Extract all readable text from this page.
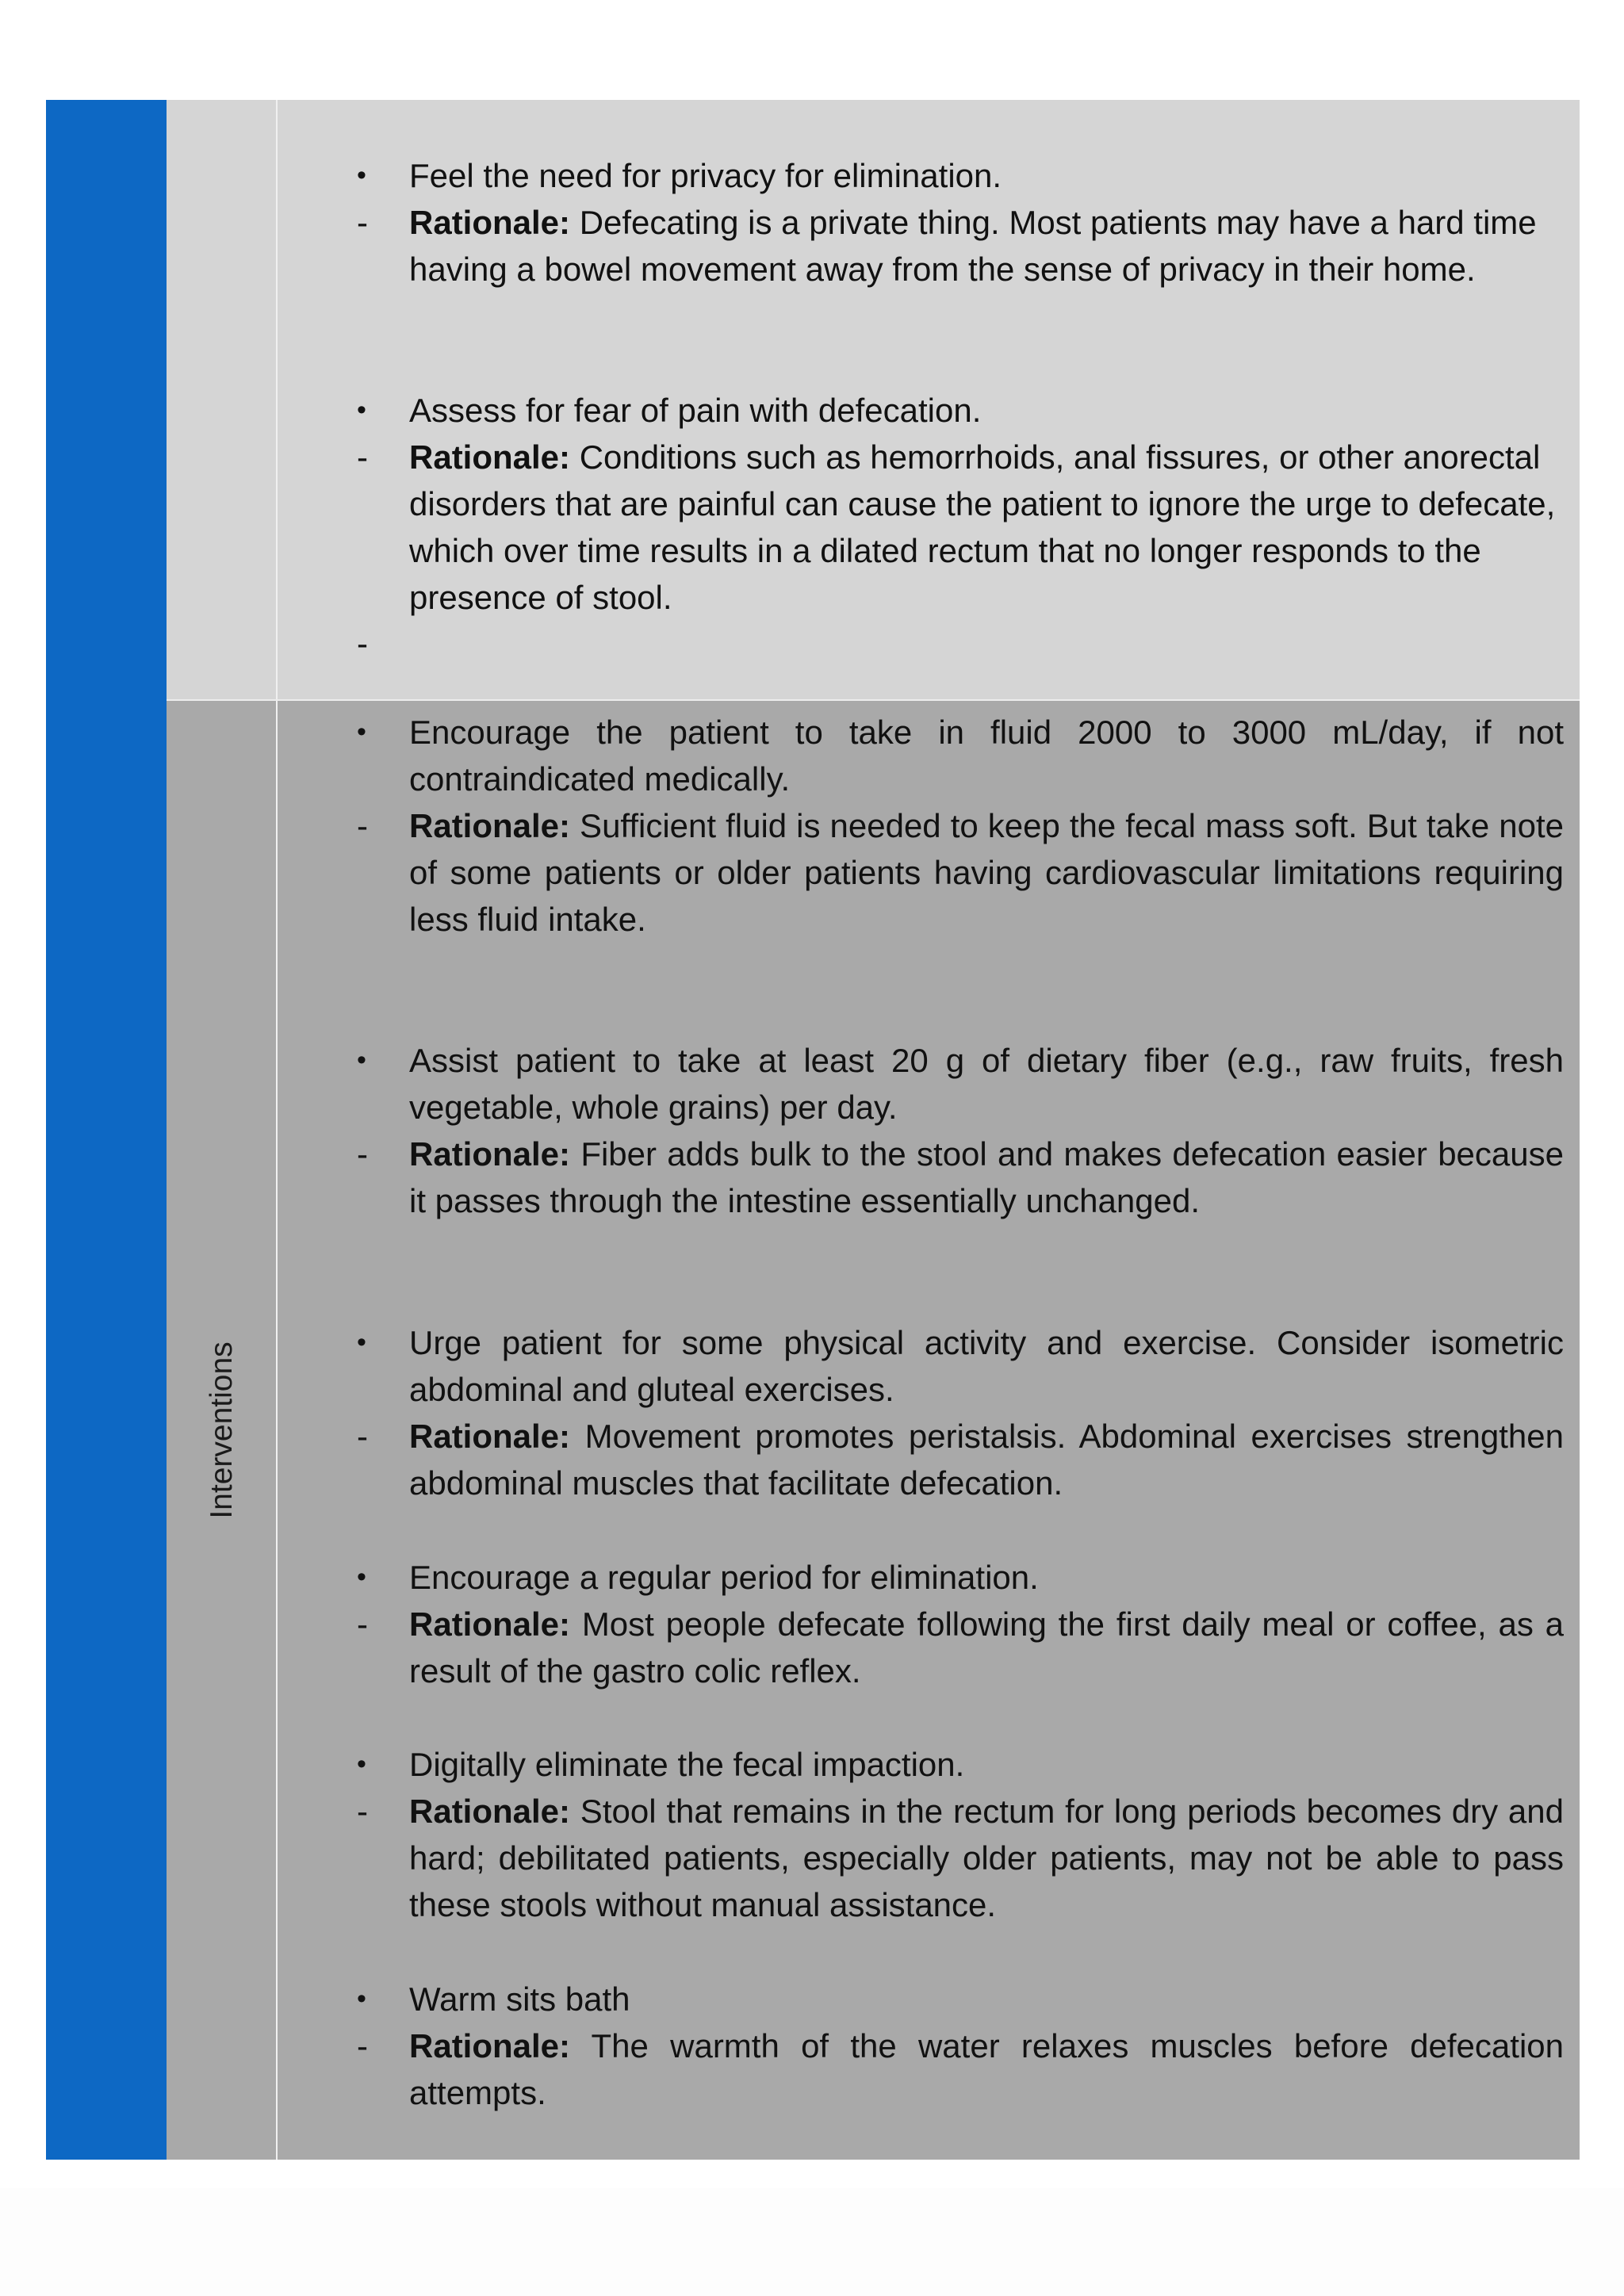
• Feel the need for privacy for elimination.
- Rationale: Defecating is a private thing. Most patients may have a hard time having a bowel movement away from the sense of privacy in their home.
• Assess for fear of pain with defecation.
- Rationale: Conditions such as hemorrhoids, anal fissures, or other anorectal disorders that are painful can cause the patient to ignore the urge to defecate, which over time results in a dilated rectum that no longer responds to the presence of stool.
-
Interventions
• Encourage the patient to take in fluid 2000 to 3000 mL/day, if not contraindicated medically.
- Rationale: Sufficient fluid is needed to keep the fecal mass soft. But take note of some patients or older patients having cardiovascular limitations requiring less fluid intake.
• Assist patient to take at least 20 g of dietary fiber (e.g., raw fruits, fresh vegetable, whole grains) per day.
- Rationale: Fiber adds bulk to the stool and makes defecation easier because it passes through the intestine essentially unchanged.
• Urge patient for some physical activity and exercise. Consider isometric abdominal and gluteal exercises.
- Rationale: Movement promotes peristalsis. Abdominal exercises strengthen abdominal muscles that facilitate defecation.
• Encourage a regular period for elimination.
- Rationale: Most people defecate following the first daily meal or coffee, as a result of the gastro colic reflex.
• Digitally eliminate the fecal impaction.
- Rationale: Stool that remains in the rectum for long periods becomes dry and hard; debilitated patients, especially older patients, may not be able to pass these stools without manual assistance.
• Warm sits bath
- Rationale: The warmth of the water relaxes muscles before defecation attempts.
